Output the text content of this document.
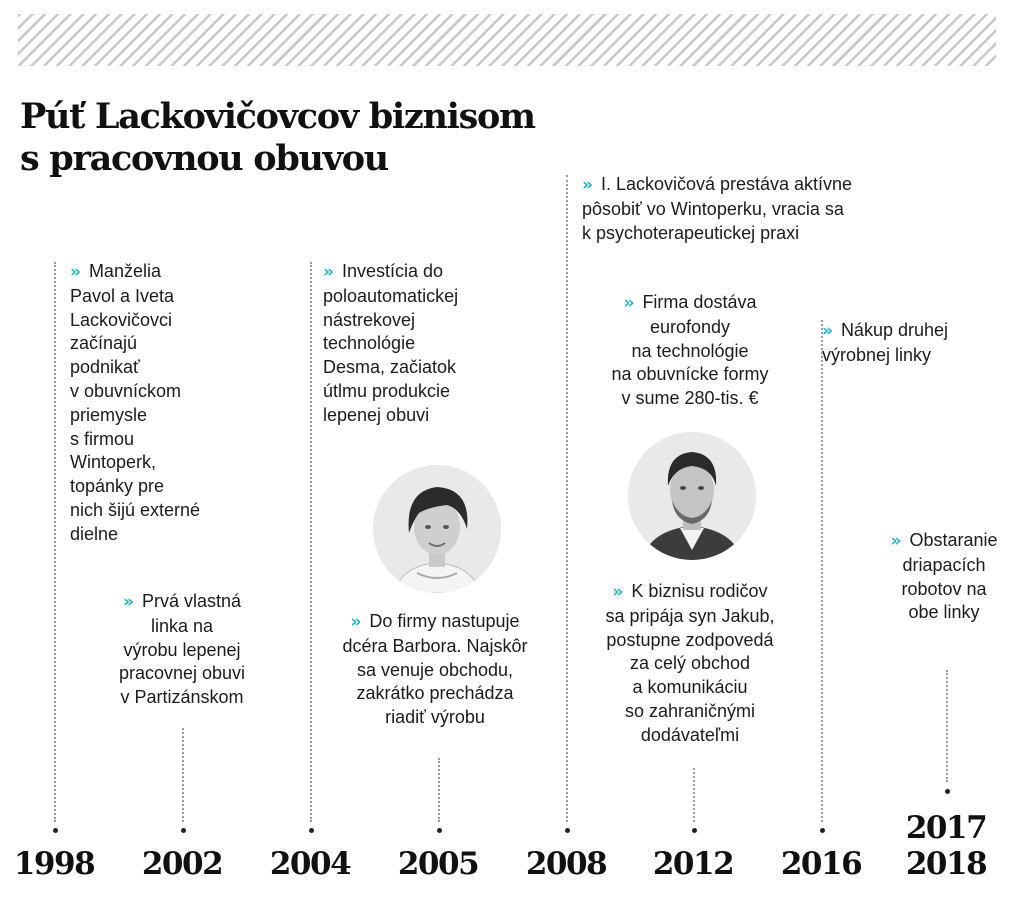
Púť Lackovičovcov biznisom
s pracovnou obuvou
›› Manželia
Pavol a Iveta
Lackovičovci
začínajú
podnikať
v obuvníckom
priemysle
s firmou
Wintoperk,
topánky pre
nich šijú externé
dielne
›› Prvá vlastná
linka na
výrobu lepenej
pracovnej obuvi
v Partizánskom
›› Investícia do
poloautomatickej
nástrekovej
technológie
Desma, začiatok
útlmu produkcie
lepenej obuvi
›› Do firmy nastupuje
dcéra Barbora. Najskôr
sa venuje obchodu,
zakrátko prechádza
riadiť výrobu
›› I. Lackovičová prestáva aktívne
pôsobiť vo Wintoperku, vracia sa
k psychoterapeutickej praxi
›› Firma dostáva
eurofondy
na technológie
na obuvnícke formy
v sume 280-tis. €
›› K biznisu rodičov
sa pripája syn Jakub,
postupne zodpovedá
za celý obchod
a komunikáciu
so zahraničnými
dodávateľmi
›› Nákup druhej
výrobnej linky
›› Obstaranie
driapacích
robotov na
obe linky
1998	2002	2004	2005	2008	2012	2016
2017
2018
